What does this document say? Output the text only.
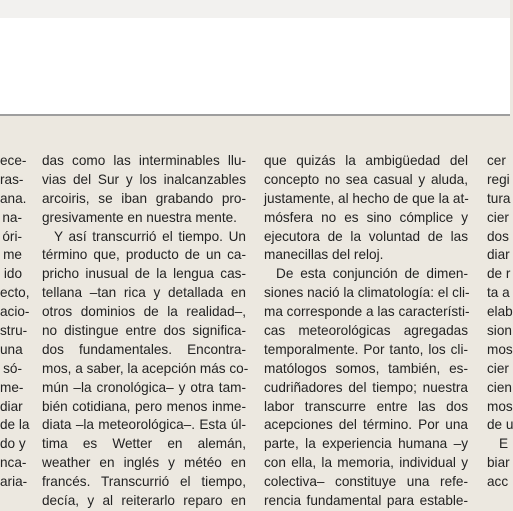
ece-
ras-
ana.
na-
óri-
me
ido
ecto,
acio-
stru-
una
só-
me-
diar
de la
do y
nca-
aria-
das como las interminables llu-
vias del Sur y los inalcanzables
arcoiris, se iban grabando pro-
gresivamente en nuestra mente.
Y así transcurrió el tiempo. Un
término que, producto de un ca-
pricho inusual de la lengua cas-
tellana –tan rica y detallada en
otros dominios de la realidad–,
no distingue entre dos significa-
dos fundamentales. Encontra-
mos, a saber, la acepción más co-
mún –la cronológica– y otra tam-
bién cotidiana, pero menos inme-
diata –la meteorológica–. Esta úl-
tima es Wetter en alemán,
weather en inglés y météo en
francés. Transcurrió el tiempo,
decía, y al reiterarlo reparo en
que quizás la ambigüedad del
concepto no sea casual y aluda,
justamente, al hecho de que la at-
mósfera no es sino cómplice y
ejecutora de la voluntad de las
manecillas del reloj.
De esta conjunción de dimen-
siones nació la climatología: el cli-
ma corresponde a las característi-
cas meteorológicas agregadas
temporalmente. Por tanto, los cli-
matólogos somos, también, es-
cudriñadores del tiempo; nuestra
labor transcurre entre las dos
acepciones del término. Por una
parte, la experiencia humana –y
con ella, la memoria, individual y
colectiva– constituye una refe-
rencia fundamental para estable-
cer
regi
tura
cier
dos
diar
de r
ta a
elab
sion
mos
cier
cien
mos
de u
E
biar
acc
